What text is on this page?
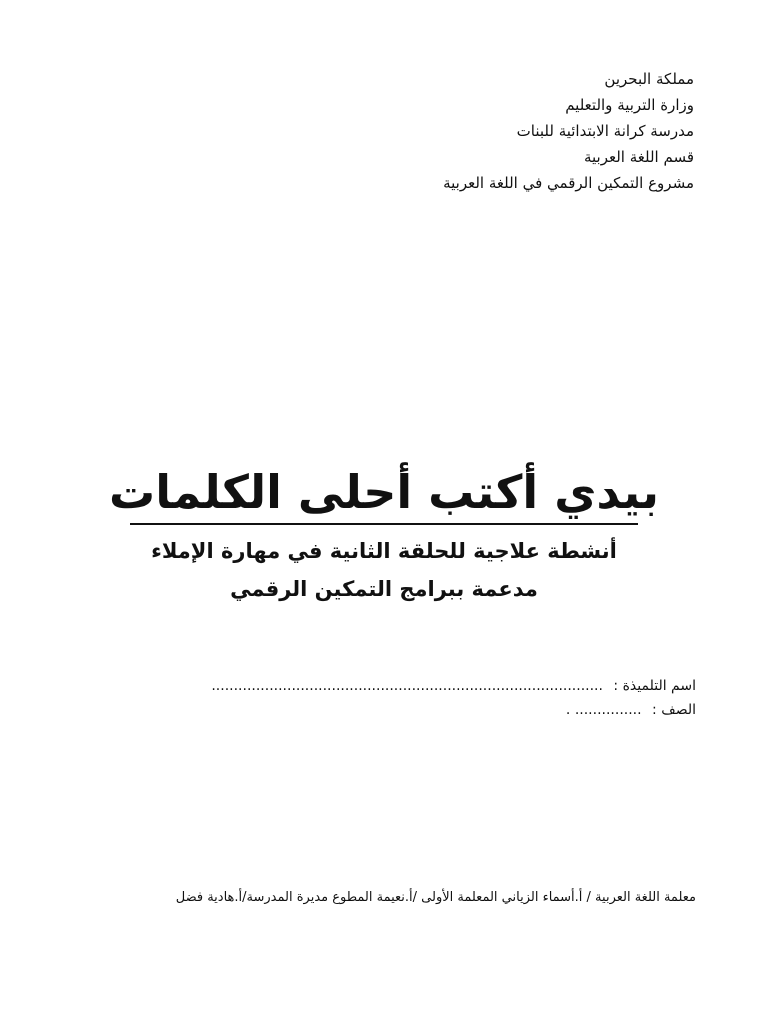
مملكة البحرين
وزارة التربية والتعليم
مدرسة كرانة الابتدائية للبنات
قسم اللغة العربية
مشروع التمكين الرقمي في اللغة العربية
بيدي أكتب أحلى الكلمات
أنشطة علاجية للحلقة الثانية في مهارة الإملاء
مدعمة ببرامج التمكين الرقمي
اسم التلميذة : ........................................................................................
الصف : ............... .
معلمة اللغة العربية / أ.أسماء الزياني المعلمة الأولى /أ.نعيمة المطوع مديرة المدرسة/أ.هادية فضل
